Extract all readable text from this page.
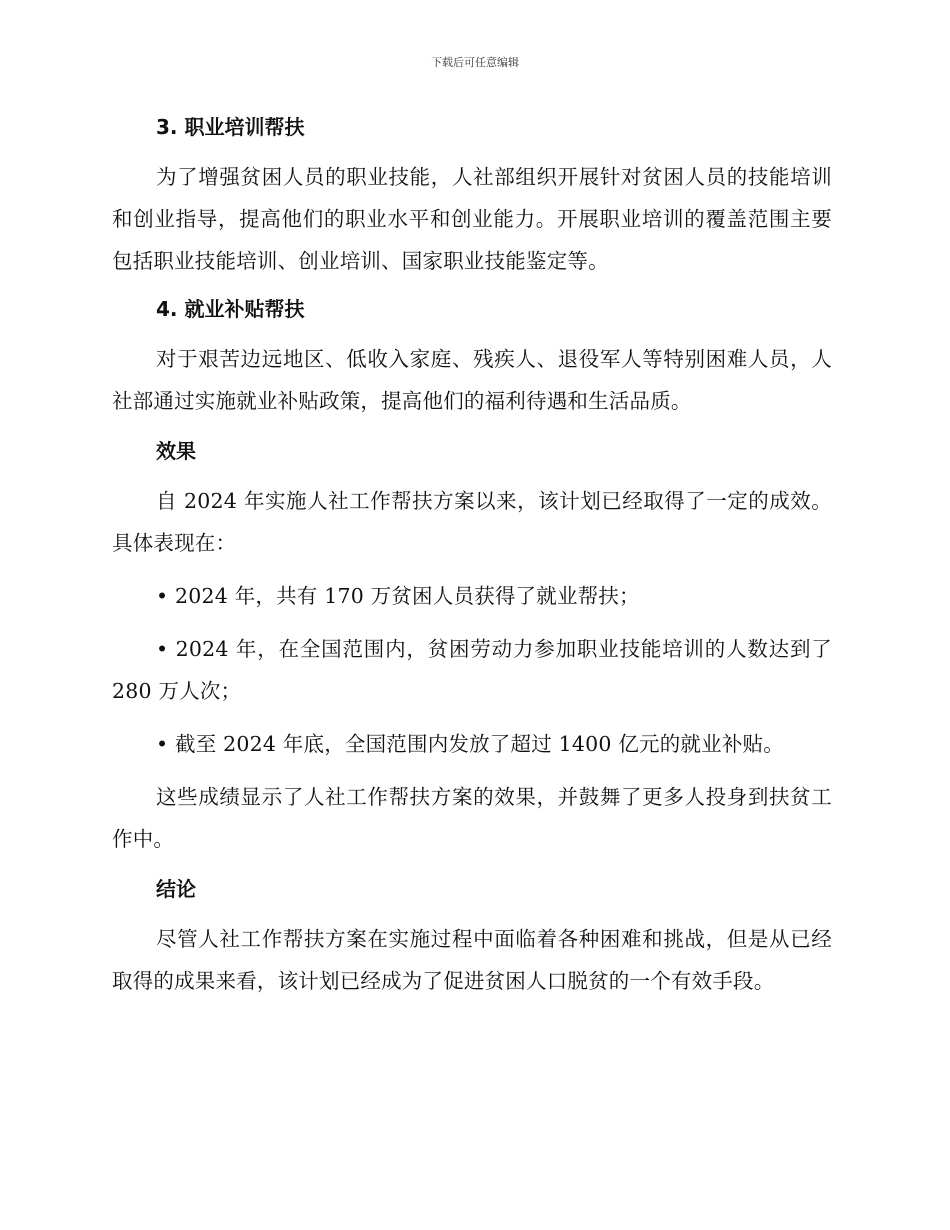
下载后可任意编辑

3. 职业培训帮扶

为了增强贫困人员的职业技能，人社部组织开展针对贫困人员的技能培训和创业指导，提高他们的职业水平和创业能力。开展职业培训的覆盖范围主要包括职业技能培训、创业培训、国家职业技能鉴定等。

4. 就业补贴帮扶

对于艰苦边远地区、低收入家庭、残疾人、退役军人等特别困难人员，人社部通过实施就业补贴政策，提高他们的福利待遇和生活品质。

效果

自 2024 年实施人社工作帮扶方案以来，该计划已经取得了一定的成效。具体表现在：

• 2024 年，共有 170 万贫困人员获得了就业帮扶；

• 2024 年，在全国范围内，贫困劳动力参加职业技能培训的人数达到了 280 万人次；

• 截至 2024 年底，全国范围内发放了超过 1400 亿元的就业补贴。

这些成绩显示了人社工作帮扶方案的效果，并鼓舞了更多人投身到扶贫工作中。

结论

尽管人社工作帮扶方案在实施过程中面临着各种困难和挑战，但是从已经取得的成果来看，该计划已经成为了促进贫困人口脱贫的一个有效手段。
